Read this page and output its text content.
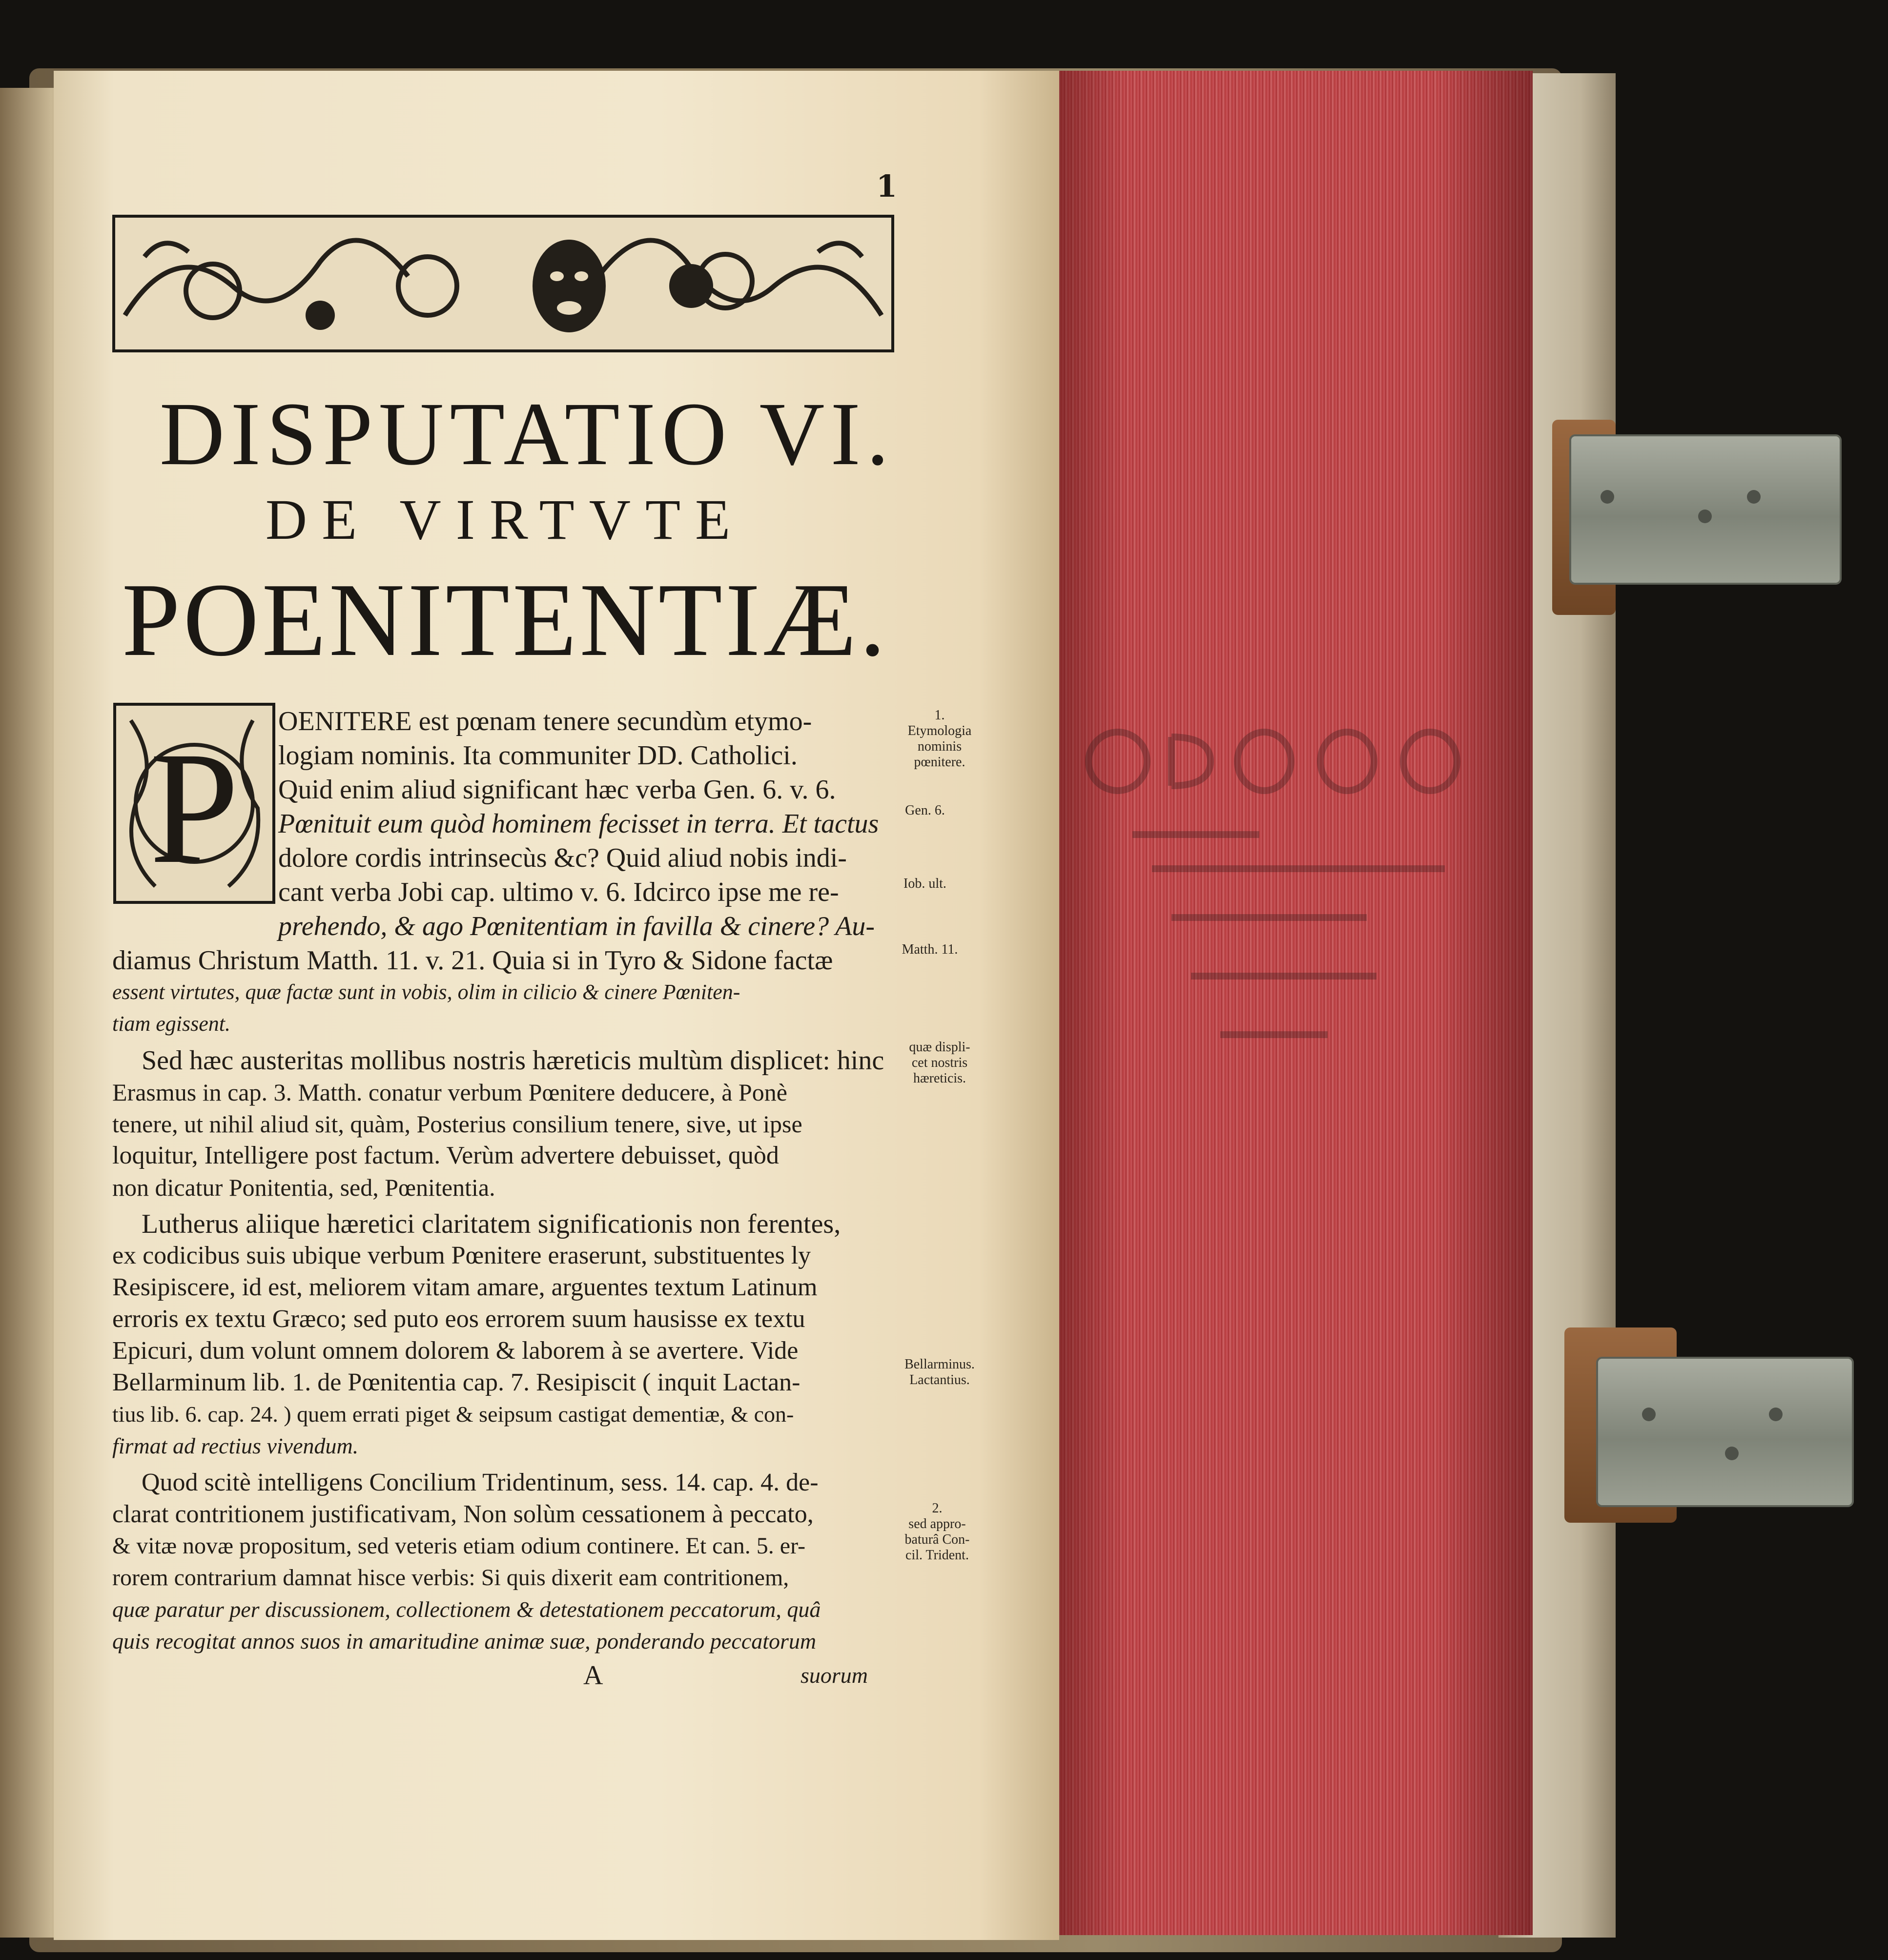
1
DISPUTATIO VI.
DE VIRTVTE
POENITENTIÆ.
P OENITERE est pœnam tenere secundùm etymo-
logiam nominis. Ita communiter DD. Catholici.
Quid enim aliud significant hæc verba Gen. 6. v. 6.
Pœnituit eum quòd hominem fecisset in terra. Et tactus
dolore cordis intrinsecùs &c? Quid aliud nobis indi-
cant verba Jobi cap. ultimo v. 6. Idcirco ipse me re-
prehendo, & ago Pœnitentiam in favilla & cinere? Au-
diamus Christum Matth. 11. v. 21. Quia si in Tyro & Sidone factæ
essent virtutes, quæ factæ sunt in vobis, olim in cilicio & cinere Pœniten-
tiam egissent.
Sed hæc austeritas mollibus nostris hæreticis multùm displicet: hinc
Erasmus in cap. 3. Matth. conatur verbum Pœnitere deducere, à Ponè
tenere, ut nihil aliud sit, quàm, Posterius consilium tenere, sive, ut ipse
loquitur, Intelligere post factum. Verùm advertere debuisset, quòd
non dicatur Ponitentia, sed, Pœnitentia.
Lutherus aliique hæretici claritatem significationis non ferentes,
ex codicibus suis ubique verbum Pœnitere eraserunt, substituentes ly
Resipiscere, id est, meliorem vitam amare, arguentes textum Latinum
erroris ex textu Græco; sed puto eos errorem suum hausisse ex textu
Epicuri, dum volunt omnem dolorem & laborem à se avertere. Vide
Bellarminum lib. 1. de Pœnitentia cap. 7. Resipiscit ( inquit Lactan-
tius lib. 6. cap. 24. ) quem errati piget & seipsum castigat dementiæ, & con-
firmat ad rectius vivendum.
Quod scitè intelligens Concilium Tridentinum, sess. 14. cap. 4. de-
clarat contritionem justificativam, Non solùm cessationem à peccato,
& vitæ novæ propositum, sed veteris etiam odium continere. Et can. 5. er-
rorem contrarium damnat hisce verbis: Si quis dixerit eam contritionem,
quæ paratur per discussionem, collectionem & detestationem peccatorum, quâ
quis recogitat annos suos in amaritudine animæ suæ, ponderando peccatorum
A	suorum
1.
Etymologia
nominis
pœnitere.
Gen. 6.
Iob. ult.
Matth. 11.
quæ displi-
cet nostris
hæreticis.
Bellarminus.
Lactantius.
2.
sed appro-
baturâ Con-
cil. Trident.
